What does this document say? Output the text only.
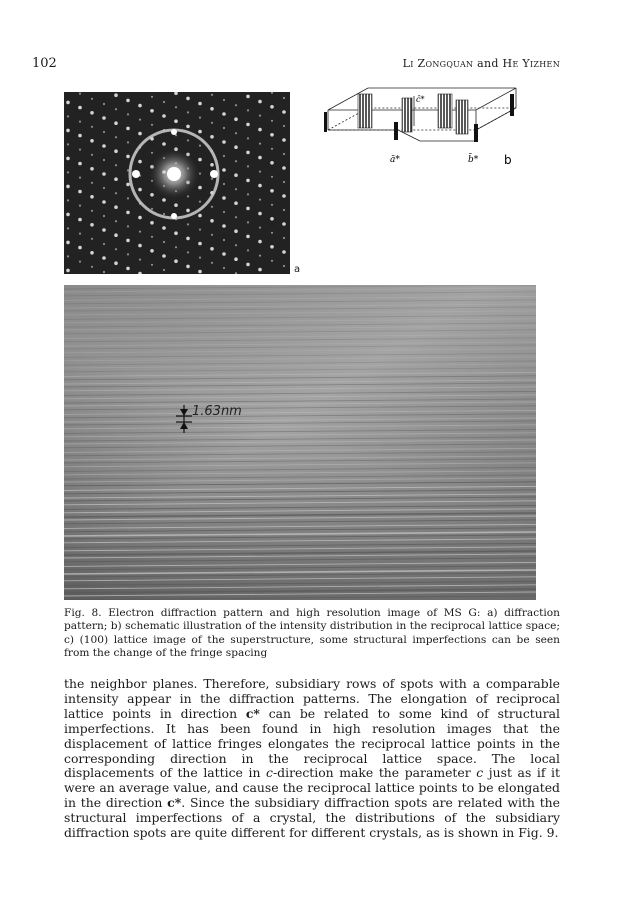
102	Li Zongquan and He Yizhen
a
c̄*
ā*	b̄* b
1.63nm
Fig. 8. Electron diffraction pattern and high resolution image of MS G: a) diffraction pattern; b) schematic illustration of the intensity distribution in the reciprocal lattice space; c) (100) lattice image of the superstructure, some structural imperfections can be seen from the change of the fringe spacing
the neighbor planes. Therefore, subsidiary rows of spots with a comparable intensity appear in the diffraction patterns. The elongation of reciprocal lattice points in direction c* can be related to some kind of structural imperfections. It has been found in high resolution images that the displacement of lattice fringes elongates the reciprocal lattice points in the corresponding direction in the reciprocal lattice space. The local displacements of the lattice in c-direction make the parameter c just as if it were an average value, and cause the reciprocal lattice points to be elongated in the direction c*. Since the subsidiary diffraction spots are related with the structural imperfections of a crystal, the distributions of the subsidiary diffraction spots are quite different for different crystals, as is shown in Fig. 9.
